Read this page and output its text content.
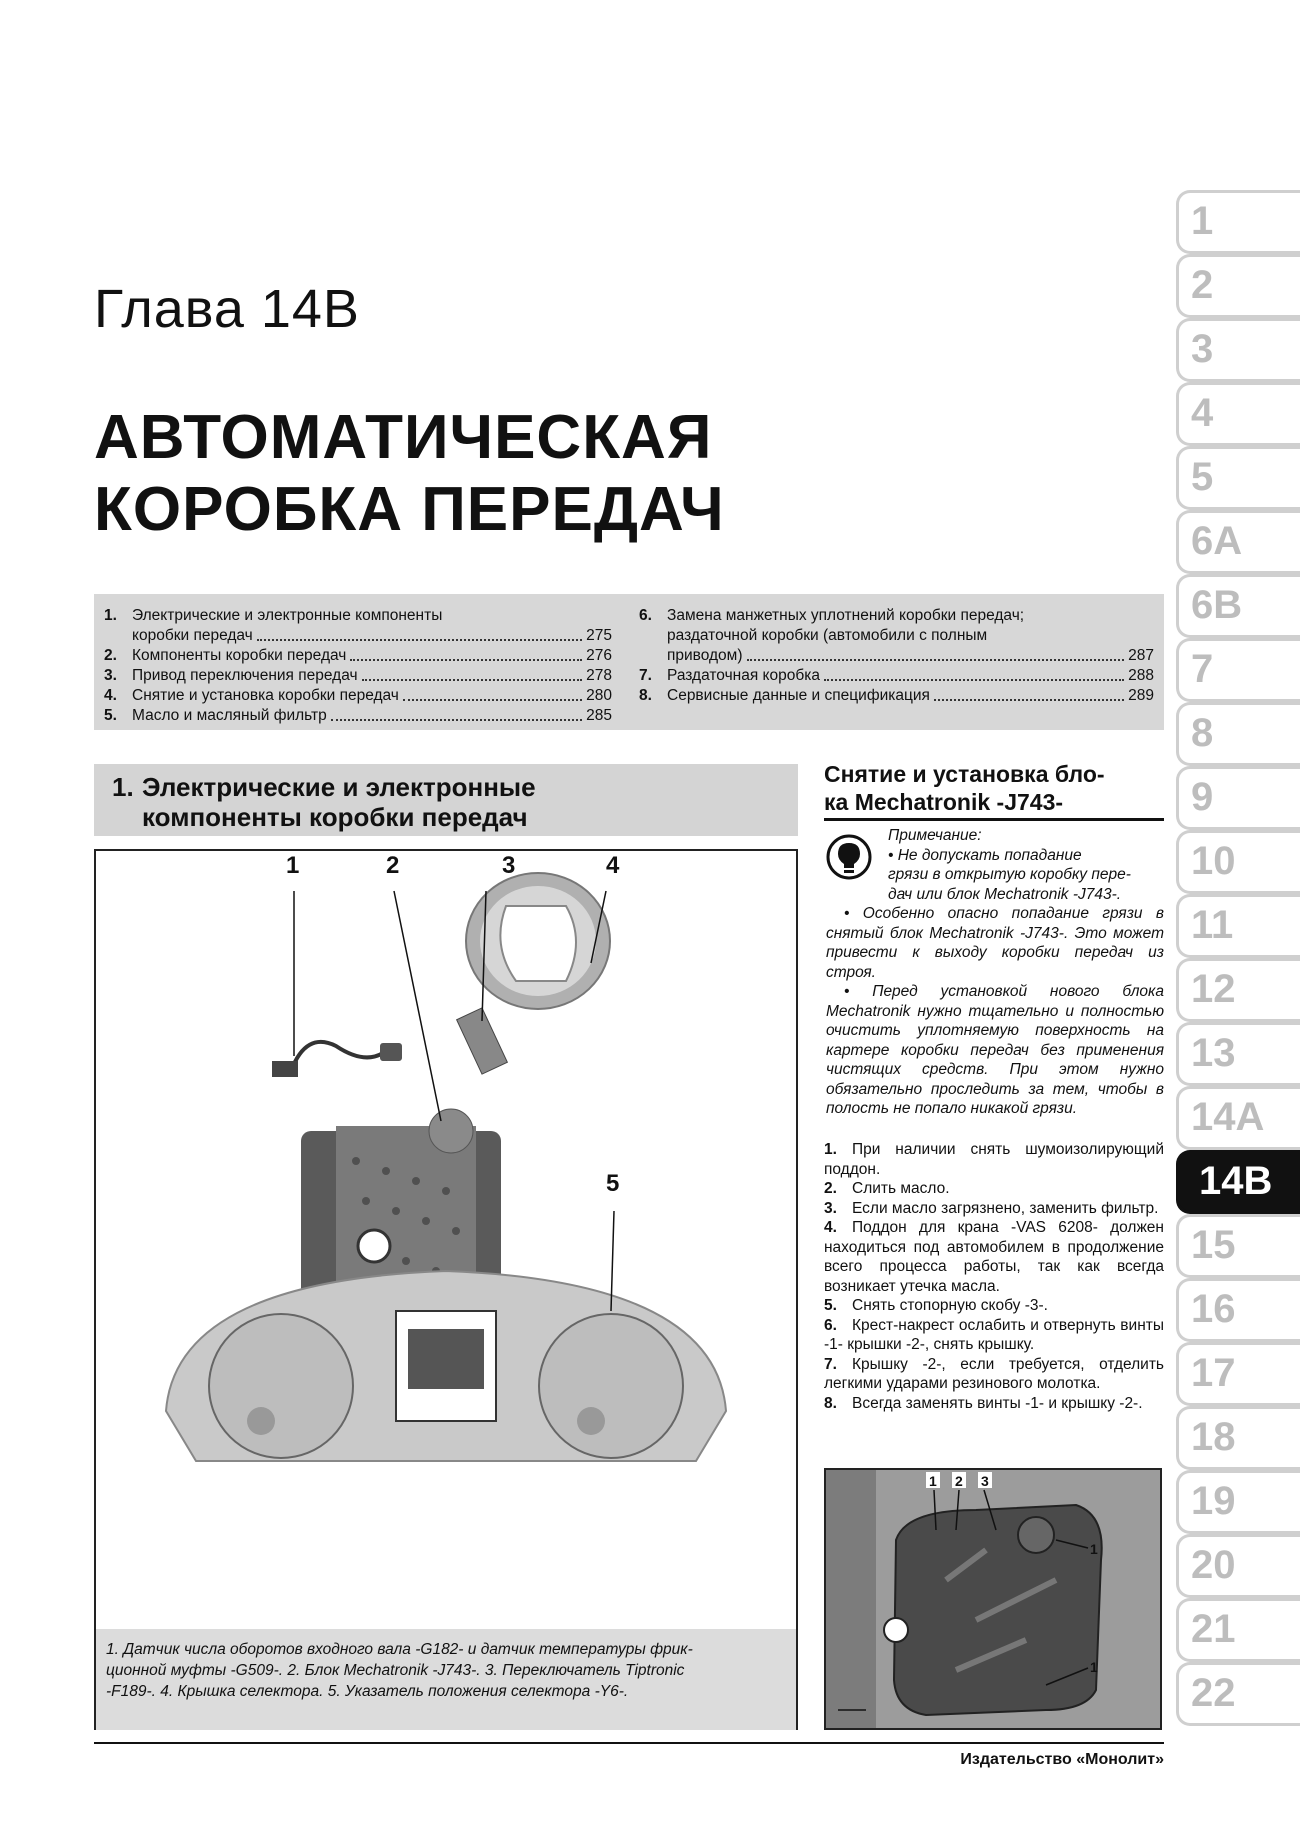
Глава 14B
АВТОМАТИЧЕСКАЯ
КОРОБКА ПЕРЕДАЧ
1. Электрические и электронные компоненты
коробки передач	275
2. Компоненты коробки передач	276
3. Привод переключения передач	278
4. Снятие и установка коробки передач	280
5. Масло и масляный фильтр	285
6. Замена манжетных уплотнений коробки передач;
раздаточной коробки (автомобили с полным
приводом)	287
7. Раздаточная коробка	288
8. Сервисные данные и спецификация	289
1. Электрические и электронные
компоненты коробки передач
1	2	3	4
5
1. Датчик числа оборотов входного вала -G182- и датчик температуры фрик-
ционной муфты -G509-. 2. Блок Mechatronik -J743-. 3. Переключатель Tiptronic
-F189-. 4. Крышка селектора. 5. Указатель положения селектора -Y6-.
Снятие и установка бло-
ка Mechatronik -J743-
Примечание:
• Не допускать попадание
грязи в открытую коробку пере-
дач или блок Mechatronik -J743-.
• Особенно опасно попадание грязи в снятый блок Mechatronik -J743-. Это может привести к выходу коробки передач из строя.
• Перед установкой нового блока Mechatronik нужно тщательно и полностью очистить уплотняемую поверхность на картере коробки передач без применения чистящих средств. При этом нужно обязательно проследить за тем, чтобы в полость не попало никакой грязи.
1. При наличии снять шумоизолирующий поддон.
2. Слить масло.
3. Если масло загрязнено, заменить фильтр.
4. Поддон для крана -VAS 6208- должен находиться под автомобилем в продолжение всего процесса работы, так как всегда возникает утечка масла.
5. Снять стопорную скобу -3-.
6. Крест-накрест ослабить и отвернуть винты -1- крышки -2-, снять крышку.
7. Крышку -2-, если требуется, отделить легкими ударами резинового молотка.
8. Всегда заменять винты -1- и крышку -2-.
1 2 3
1
1
Издательство «Монолит»
1
2
3
4
5
6A
6B
7
8
9
10
11
12
13
14A
14B
15
16
17
18
19
20
21
22
